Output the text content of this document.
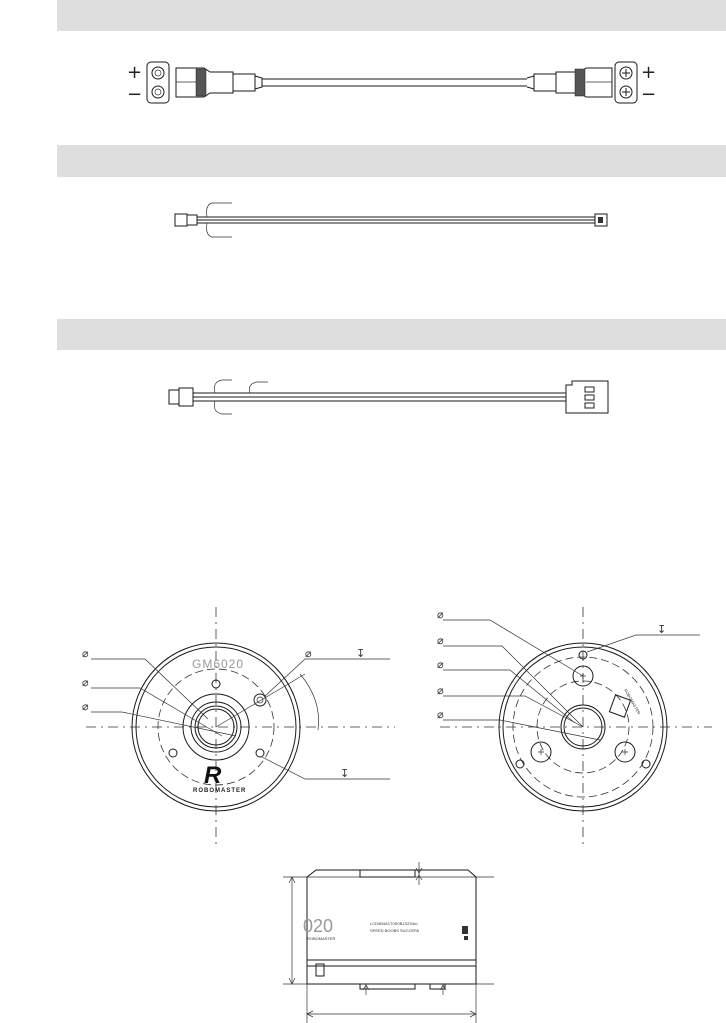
+
−
+
−
GM6020
R
ROBOMASTER
⌀
⌀
⌀
⌀	↧
↧
ROBOMASTER
⌀
⌀
⌀
⌀
⌀
↧
020
ROBOMASTER
LCD9B4A1T0S0B1S2S4m
SPEED BOOBS SUCCEPA
